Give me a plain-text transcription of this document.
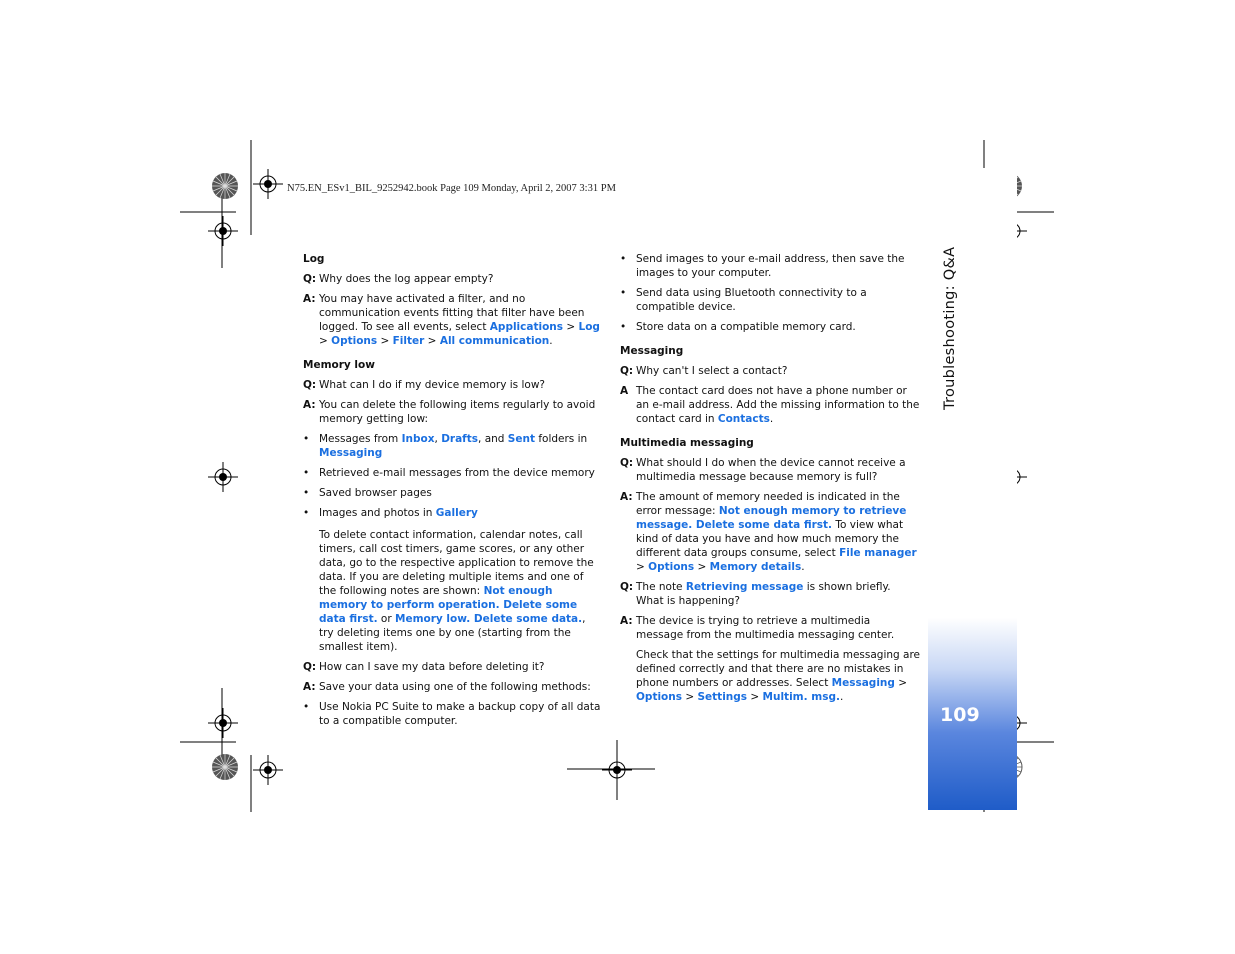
N75.EN_ESv1_BIL_9252942.book Page 109 Monday, April 2, 2007 3:31 PM
Troubleshooting: Q&A
109
Log
Q: Why does the log appear empty?
A: You may have activated a filter, and no communication events fitting that filter have been logged. To see all events, select Applications > Log > Options > Filter > All communication.
Memory low
Q: What can I do if my device memory is low?
A: You can delete the following items regularly to avoid memory getting low:
• Messages from Inbox, Drafts, and Sent folders in Messaging
• Retrieved e-mail messages from the device memory
• Saved browser pages
• Images and photos in Gallery
To delete contact information, calendar notes, call timers, call cost timers, game scores, or any other data, go to the respective application to remove the data. If you are deleting multiple items and one of the following notes are shown: Not enough memory to perform operation. Delete some data first. or Memory low. Delete some data., try deleting items one by one (starting from the smallest item).
Q: How can I save my data before deleting it?
A: Save your data using one of the following methods:
• Use Nokia PC Suite to make a backup copy of all data to a compatible computer.
• Send images to your e-mail address, then save the images to your computer.
• Send data using Bluetooth connectivity to a compatible device.
• Store data on a compatible memory card.
Messaging
Q: Why can't I select a contact?
A The contact card does not have a phone number or an e-mail address. Add the missing information to the contact card in Contacts.
Multimedia messaging
Q: What should I do when the device cannot receive a multimedia message because memory is full?
A: The amount of memory needed is indicated in the error message: Not enough memory to retrieve message. Delete some data first. To view what kind of data you have and how much memory the different data groups consume, select File manager > Options > Memory details.
Q: The note Retrieving message is shown briefly.
What is happening?
A: The device is trying to retrieve a multimedia message from the multimedia messaging center.
Check that the settings for multimedia messaging are defined correctly and that there are no mistakes in phone numbers or addresses. Select Messaging > Options > Settings > Multim. msg..
